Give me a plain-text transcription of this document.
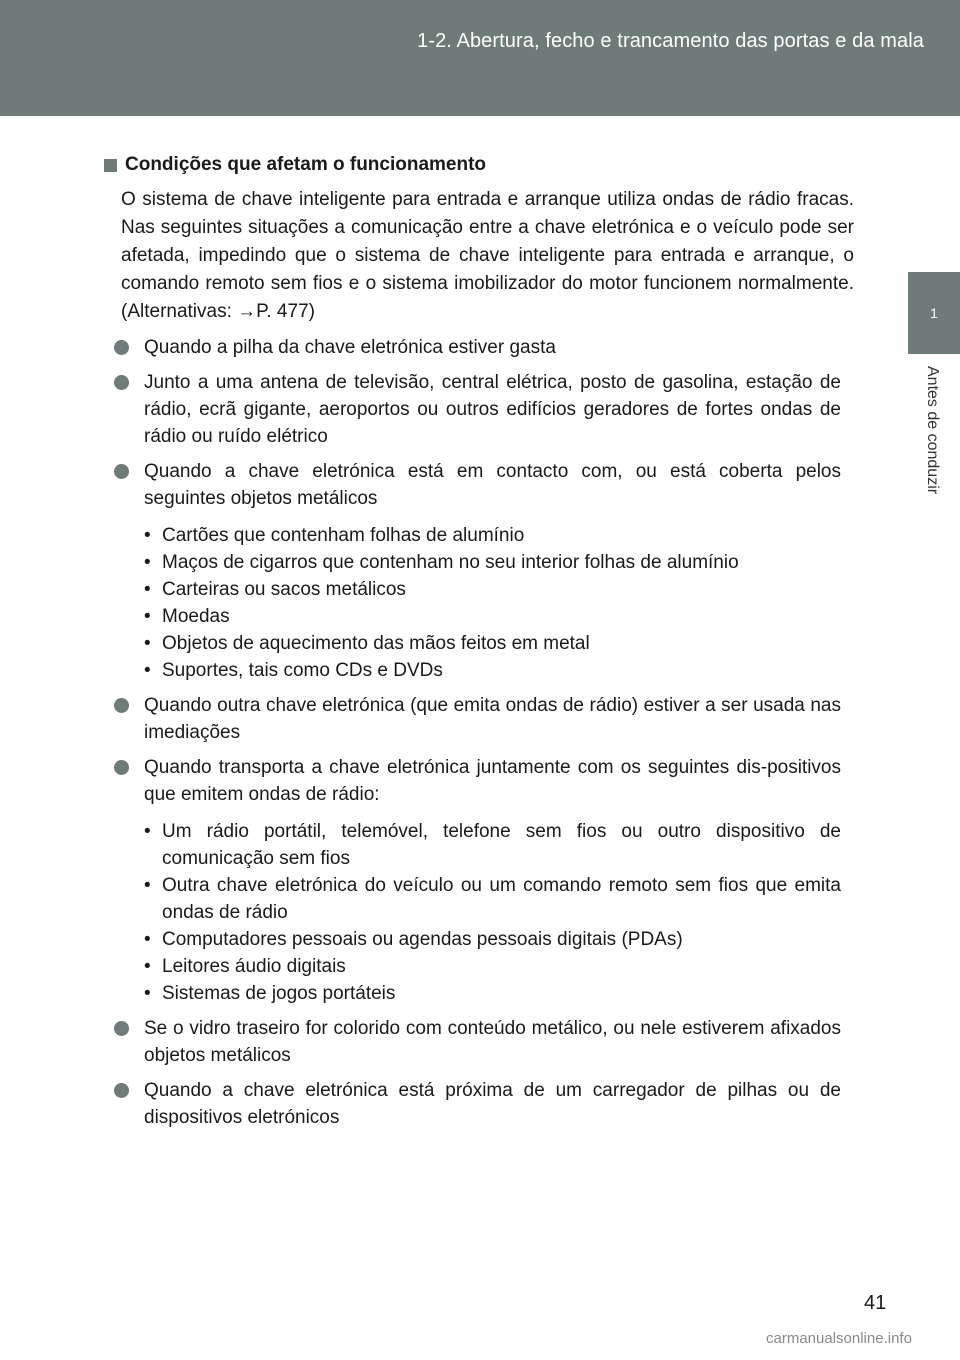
1-2. Abertura, fecho e trancamento das portas e da mala
1
Antes de conduzir
Condições que afetam o funcionamento

O sistema de chave inteligente para entrada e arranque utiliza ondas de rádio fracas. Nas seguintes situações a comunicação entre a chave eletrónica e o veículo pode ser afetada, impedindo que o sistema de chave inteligente para entrada e arranque, o comando remoto sem fios e o sistema imobilizador do motor funcionem normalmente. (Alternativas: →P. 477)

Quando a pilha da chave eletrónica estiver gasta
Junto a uma antena de televisão, central elétrica, posto de gasolina, estação de rádio, ecrã gigante, aeroportos ou outros edifícios geradores de fortes ondas de rádio ou ruído elétrico
Quando a chave eletrónica está em contacto com, ou está coberta pelos seguintes objetos metálicos
• Cartões que contenham folhas de alumínio
• Maços de cigarros que contenham no seu interior folhas de alumínio
• Carteiras ou sacos metálicos
• Moedas
• Objetos de aquecimento das mãos feitos em metal
• Suportes, tais como CDs e DVDs
Quando outra chave eletrónica (que emita ondas de rádio) estiver a ser usada nas imediações
Quando transporta a chave eletrónica juntamente com os seguintes dis-positivos que emitem ondas de rádio:
• Um rádio portátil, telemóvel, telefone sem fios ou outro dispositivo de comunicação sem fios
• Outra chave eletrónica do veículo ou um comando remoto sem fios que emita ondas de rádio
• Computadores pessoais ou agendas pessoais digitais (PDAs)
• Leitores áudio digitais
• Sistemas de jogos portáteis
Se o vidro traseiro for colorido com conteúdo metálico, ou nele estiverem afixados objetos metálicos
Quando a chave eletrónica está próxima de um carregador de pilhas ou de dispositivos eletrónicos
41
carmanualsonline.info
